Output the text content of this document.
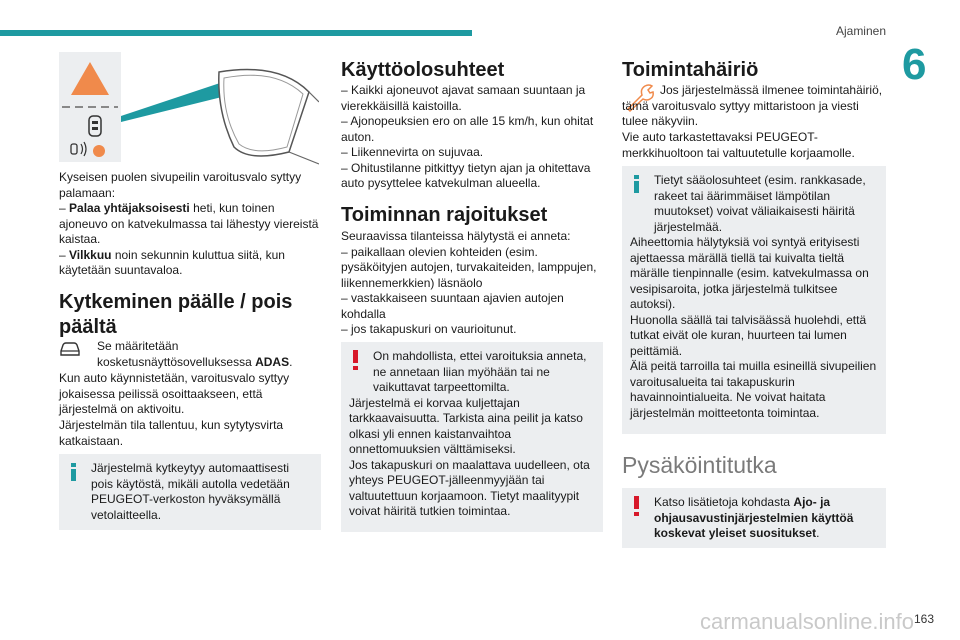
Ajaminen
6

Kyseisen puolen sivupeilin varoitusvalo syttyy palamaan:

– Palaa yhtäjaksoisesti heti, kun toinen ajoneuvo on katvekulmassa tai lähestyy viereistä kaistaa.

– Vilkkuu noin sekunnin kuluttua siitä, kun käytetään suuntavaloa.

Kytkeminen päälle / pois päältä

Se määritetään kosketusnäyttösovelluksessa ADAS.

Kun auto käynnistetään, varoitusvalo syttyy jokaisessa peilissä osoittaakseen, että järjestelmä on aktivoitu.

Järjestelmän tila tallentuu, kun sytytysvirta katkaistaan.

Järjestelmä kytkeytyy automaattisesti pois käytöstä, mikäli autolla vedetään PEUGEOT-verkoston hyväksymällä vetolaitteella.

Käyttöolosuhteet

– Kaikki ajoneuvot ajavat samaan suuntaan ja vierekkäisillä kaistoilla.

– Ajonopeuksien ero on alle 15 km/h, kun ohitat auton.

– Liikennevirta on sujuvaa.

– Ohitustilanne pitkittyy tietyn ajan ja ohitettava auto pysyttelee katvekulman alueella.

Toiminnan rajoitukset

Seuraavissa tilanteissa hälytystä ei anneta:

– paikallaan olevien kohteiden (esim. pysäköityjen autojen, turvakaiteiden, lamppujen, liikennemerkkien) läsnäolo

– vastakkaiseen suuntaan ajavien autojen kohdalla

– jos takapuskuri on vaurioitunut.

On mahdollista, ettei varoituksia anneta, ne annetaan liian myöhään tai ne vaikuttavat tarpeettomilta.

Järjestelmä ei korvaa kuljettajan tarkkaavaisuutta. Tarkista aina peilit ja katso olkasi yli ennen kaistanvaihtoa onnettomuuksien välttämiseksi.

Jos takapuskuri on maalattava uudelleen, ota yhteys PEUGEOT-jälleenmyyjään tai valtuutettuun korjaamoon. Tietyt maalityypit voivat häiritä tutkien toimintaa.

Toimintahäiriö

Jos järjestelmässä ilmenee toimintahäiriö, tämä varoitusvalo syttyy mittaristoon ja viesti tulee näkyviin.

Vie auto tarkastettavaksi PEUGEOT-merkkihuoltoon tai valtuutetulle korjaamolle.

Tietyt sääolosuhteet (esim. rankkasade, rakeet tai äärimmäiset lämpötilan muutokset) voivat väliaikaisesti häiritä järjestelmää.

Aiheettomia hälytyksiä voi syntyä erityisesti ajettaessa märällä tiellä tai kuivalta tieltä märälle tienpinnalle (esim. katvekulmassa on vesipisaroita, jotka järjestelmä tulkitsee autoksi).

Huonolla säällä tai talvisäässä huolehdi, että tutkat eivät ole kuran, huurteen tai lumen peittämiä.

Älä peitä tarroilla tai muilla esineillä sivupeilien varoitusalueita tai takapuskurin havainnointialueita. Ne voivat haitata järjestelmän moitteetonta toimintaa.

Pysäköintitutka

Katso lisätietoja kohdasta Ajo- ja ohjausavustinjärjestelmien käyttöä koskevat yleiset suositukset.

carmanualsonline.info 163
